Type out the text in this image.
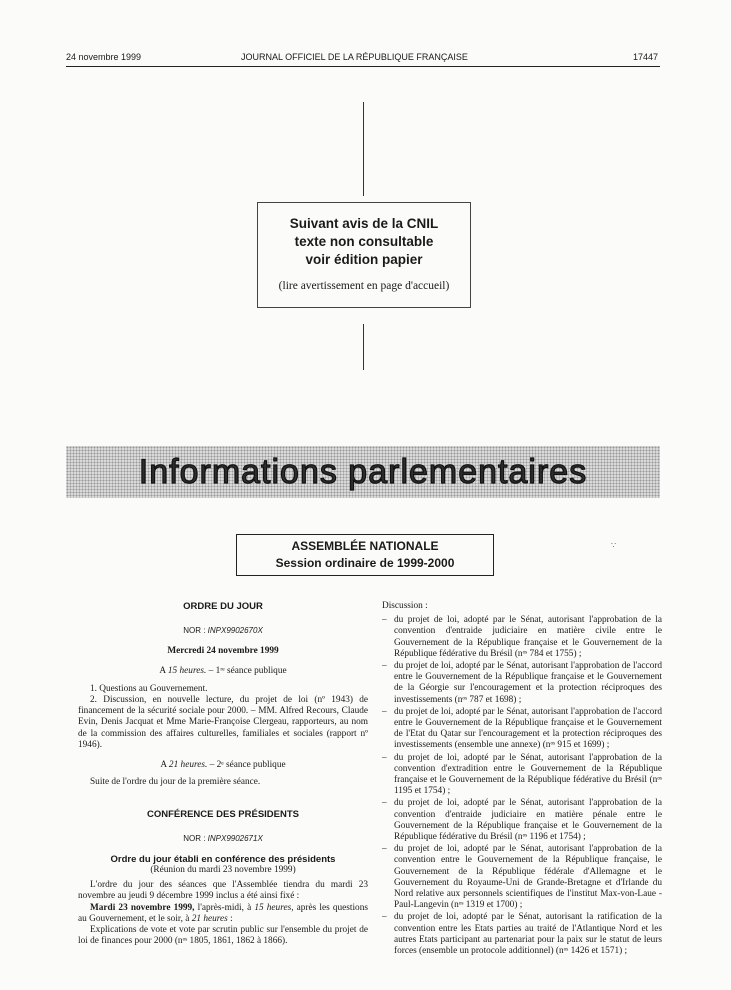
24 novembre 1999	JOURNAL OFFICIEL DE LA RÉPUBLIQUE FRANÇAISE	17447
Suivant avis de la CNIL
texte non consultable
voir édition papier
(lire avertissement en page d'accueil)
Informations parlementaires
ASSEMBLÉE NATIONALE
Session ordinaire de 1999-2000
∵
ORDRE DU JOUR
NOR : INPX9902670X
Mercredi 24 novembre 1999
A 15 heures. – 1ʳᵉ séance publique
1. Questions au Gouvernement.
2. Discussion, en nouvelle lecture, du projet de loi (nº 1943) de financement de la sécurité sociale pour 2000. – MM. Alfred Recours, Claude Evin, Denis Jacquat et Mme Marie-Françoise Clergeau, rapporteurs, au nom de la commission des affaires culturelles, familiales et sociales (rapport nº 1946).
A 21 heures. – 2ᵉ séance publique
Suite de l'ordre du jour de la première séance.
CONFÉRENCE DES PRÉSIDENTS
NOR : INPX9902671X
Ordre du jour établi en conférence des présidents
(Réunion du mardi 23 novembre 1999)
L'ordre du jour des séances que l'Assemblée tiendra du mardi 23 novembre au jeudi 9 décembre 1999 inclus a été ainsi fixé :
Mardi 23 novembre 1999, l'après-midi, à 15 heures, après les questions au Gouvernement, et le soir, à 21 heures :
Explications de vote et vote par scrutin public sur l'ensemble du projet de loi de finances pour 2000 (nᵒˢ 1805, 1861, 1862 à 1866).
Discussion :
– du projet de loi, adopté par le Sénat, autorisant l'approbation de la convention d'entraide judiciaire en matière civile entre le Gouvernement de la République française et le Gouvernement de la République fédérative du Brésil (nᵒˢ 784 et 1755) ;
– du projet de loi, adopté par le Sénat, autorisant l'approbation de l'accord entre le Gouvernement de la République française et le Gouvernement de la Géorgie sur l'encouragement et la protection réciproques des investissements (nᵒˢ 787 et 1698) ;
– du projet de loi, adopté par le Sénat, autorisant l'approbation de l'accord entre le Gouvernement de la République française et le Gouvernement de l'Etat du Qatar sur l'encouragement et la protection réciproques des investissements (ensemble une annexe) (nᵒˢ 915 et 1699) ;
– du projet de loi, adopté par le Sénat, autorisant l'approbation de la convention d'extradition entre le Gouvernement de la République française et le Gouvernement de la République fédérative du Brésil (nᵒˢ 1195 et 1754) ;
– du projet de loi, adopté par le Sénat, autorisant l'approbation de la convention d'entraide judiciaire en matière pénale entre le Gouvernement de la République française et le Gouvernement de la République fédérative du Brésil (nᵒˢ 1196 et 1754) ;
– du projet de loi, adopté par le Sénat, autorisant l'approbation de la convention entre le Gouvernement de la République française, le Gouvernement de la République fédérale d'Allemagne et le Gouvernement du Royaume-Uni de Grande-Bretagne et d'Irlande du Nord relative aux personnels scientifiques de l'institut Max-von-Laue - Paul-Langevin (nᵒˢ 1319 et 1700) ;
– du projet de loi, adopté par le Sénat, autorisant la ratification de la convention entre les Etats parties au traité de l'Atlantique Nord et les autres Etats participant au partenariat pour la paix sur le statut de leurs forces (ensemble un protocole additionnel) (nᵒˢ 1426 et 1571) ;
